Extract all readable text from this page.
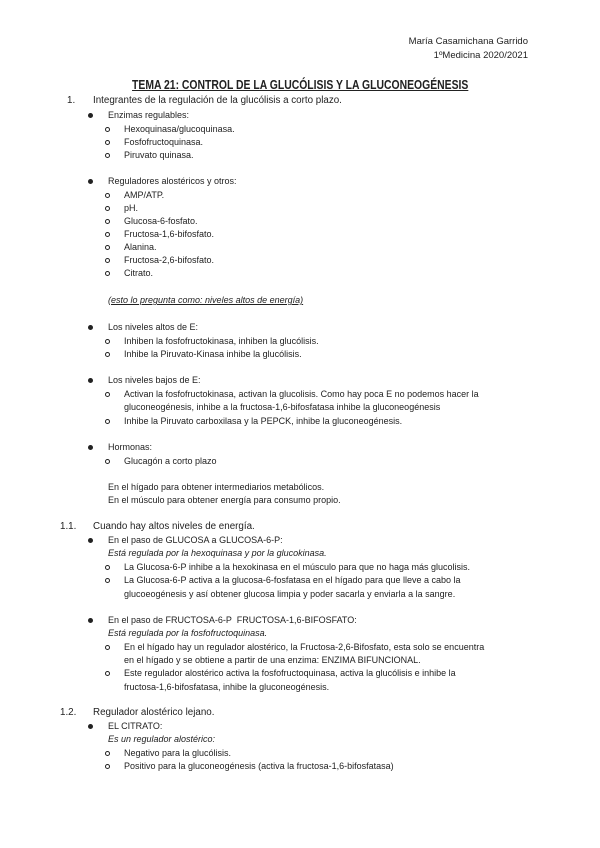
María Casamichana Garrido
1ºMedicina 2020/2021
TEMA 21: CONTROL DE LA GLUCÓLISIS Y LA GLUCONEOGÉNESIS
1. Integrantes de la regulación de la glucólisis a corto plazo.
Enzimas regulables:
Hexoquinasa/glucoquinasa.
Fosfofructoquinasa.
Piruvato quinasa.
Reguladores alostéricos y otros:
AMP/ATP.
pH.
Glucosa-6-fosfato.
Fructosa-1,6-bifosfato.
Alanina.
Fructosa-2,6-bifosfato.
Citrato.
(esto lo pregunta como: niveles altos de energía)
Los niveles altos de E:
Inhiben la fosfofructokinasa, inhiben la glucólisis.
Inhibe la Piruvato-Kinasa inhibe la glucólisis.
Los niveles bajos de E:
Activan la fosfofructokinasa, activan la glucolisis. Como hay poca E no podemos hacer la
gluconeogénesis, inhibe a la fructosa-1,6-bifosfatasa inhibe la gluconeogénesis
Inhibe la Piruvato carboxilasa y la PEPCK, inhibe la gluconeogénesis.
Hormonas:
Glucagón a corto plazo
En el hígado para obtener intermediarios metabólicos.
En el músculo para obtener energía para consumo propio.
1.1. Cuando hay altos niveles de energía.
En el paso de GLUCOSA a GLUCOSA-6-P:
Está regulada por la hexoquinasa y por la glucokinasa.
La Glucosa-6-P inhibe a la hexokinasa en el músculo para que no haga más glucolisis.
La Glucosa-6-P activa a la glucosa-6-fosfatasa en el hígado para que lleve a cabo la
glucoeogénesis y así obtener glucosa limpia y poder sacarla y enviarla a la sangre.
En el paso de FRUCTOSA-6-P  FRUCTOSA-1,6-BIFOSFATO:
Está regulada por la fosfofructoquinasa.
En el hígado hay un regulador alostérico, la Fructosa-2,6-Bifosfato, esta solo se encuentra
en el hígado y se obtiene a partir de una enzima: ENZIMA BIFUNCIONAL.
Este regulador alostérico activa la fosfofructoquinasa, activa la glucólisis e inhibe la
fructosa-1,6-bifosfatasa, inhibe la gluconeogénesis.
1.2. Regulador alostérico lejano.
EL CITRATO:
Es un regulador alostérico:
Negativo para la glucólisis.
Positivo para la gluconeogénesis (activa la fructosa-1,6-bifosfatasa)
